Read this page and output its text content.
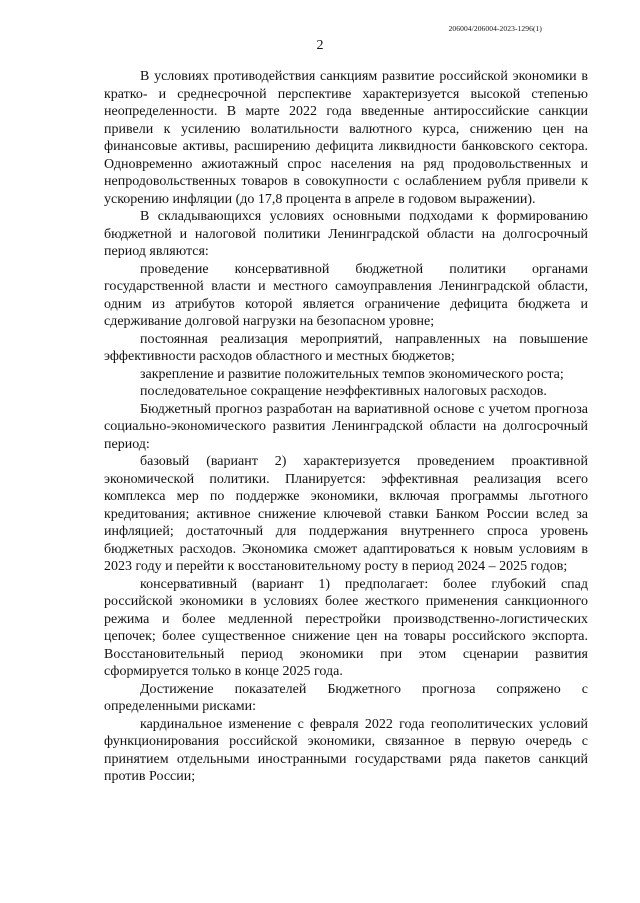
206004/206004-2023-1296(1)
2

В условиях противодействия санкциям развитие российской экономики в кратко- и среднесрочной перспективе характеризуется высокой степенью неопределенности. В марте 2022 года введенные антироссийские санкции привели к усилению волатильности валютного курса, снижению цен на финансовые активы, расширению дефицита ликвидности банковского сектора. Одновременно ажиотажный спрос населения на ряд продовольственных и непродовольственных товаров в совокупности с ослаблением рубля привели к ускорению инфляции (до 17,8 процента в апреле в годовом выражении).

В складывающихся условиях основными подходами к формированию бюджетной и налоговой политики Ленинградской области на долгосрочный период являются:

проведение консервативной бюджетной политики органами государственной власти и местного самоуправления Ленинградской области, одним из атрибутов которой является ограничение дефицита бюджета и сдерживание долговой нагрузки на безопасном уровне;

постоянная реализация мероприятий, направленных на повышение эффективности расходов областного и местных бюджетов;

закрепление и развитие положительных темпов экономического роста;

последовательное сокращение неэффективных налоговых расходов.

Бюджетный прогноз разработан на вариативной основе с учетом прогноза социально-экономического развития Ленинградской области на долгосрочный период:

базовый (вариант 2) характеризуется проведением проактивной экономической политики. Планируется: эффективная реализация всего комплекса мер по поддержке экономики, включая программы льготного кредитования; активное снижение ключевой ставки Банком России вслед за инфляцией; достаточный для поддержания внутреннего спроса уровень бюджетных расходов. Экономика сможет адаптироваться к новым условиям в 2023 году и перейти к восстановительному росту в период 2024 – 2025 годов;

консервативный (вариант 1) предполагает: более глубокий спад российской экономики в условиях более жесткого применения санкционного режима и более медленной перестройки производственно-логистических цепочек; более существенное снижение цен на товары российского экспорта. Восстановительный период экономики при этом сценарии развития сформируется только в конце 2025 года.

Достижение показателей Бюджетного прогноза сопряжено с определенными рисками:

кардинальное изменение с февраля 2022 года геополитических условий функционирования российской экономики, связанное в первую очередь с принятием отдельными иностранными государствами ряда пакетов санкций против России;
